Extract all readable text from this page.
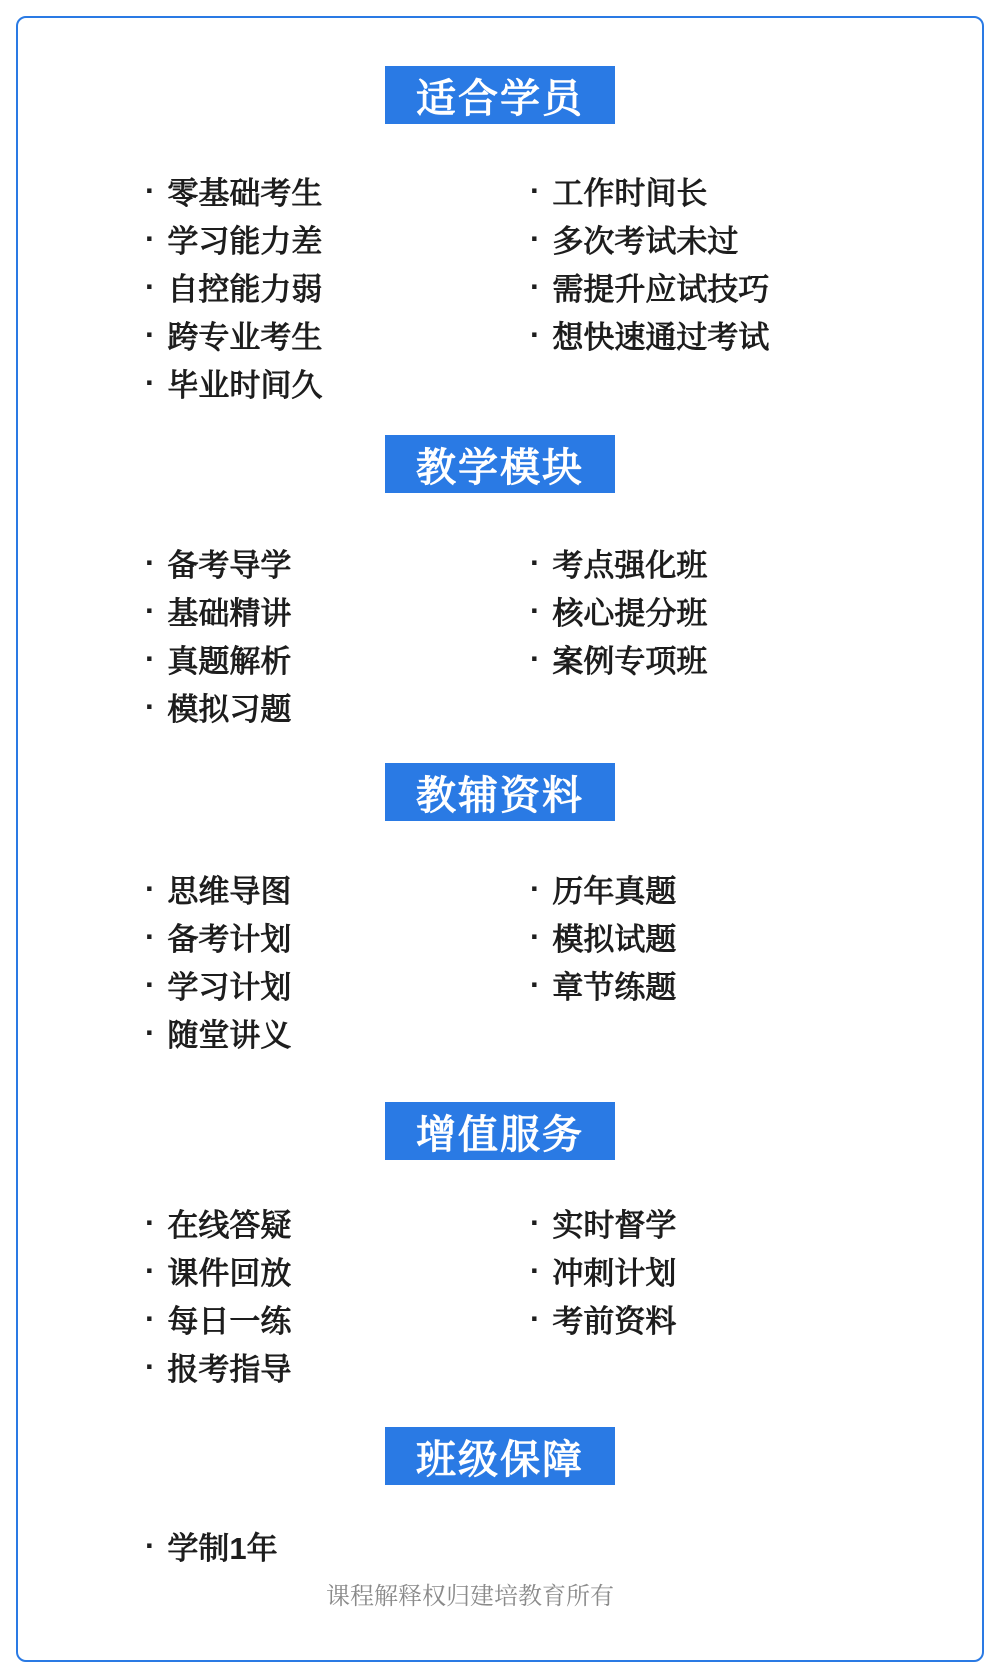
适合学员
· 零基础考生
· 学习能力差
· 自控能力弱
· 跨专业考生
· 毕业时间久
· 工作时间长
· 多次考试未过
· 需提升应试技巧
· 想快速通过考试
教学模块
· 备考导学
· 基础精讲
· 真题解析
· 模拟习题
· 考点强化班
· 核心提分班
· 案例专项班
教辅资料
· 思维导图
· 备考计划
· 学习计划
· 随堂讲义
· 历年真题
· 模拟试题
· 章节练题
增值服务
· 在线答疑
· 课件回放
· 每日一练
· 报考指导
· 实时督学
· 冲刺计划
· 考前资料
班级保障
· 学制1年
课程解释权归建培教育所有
